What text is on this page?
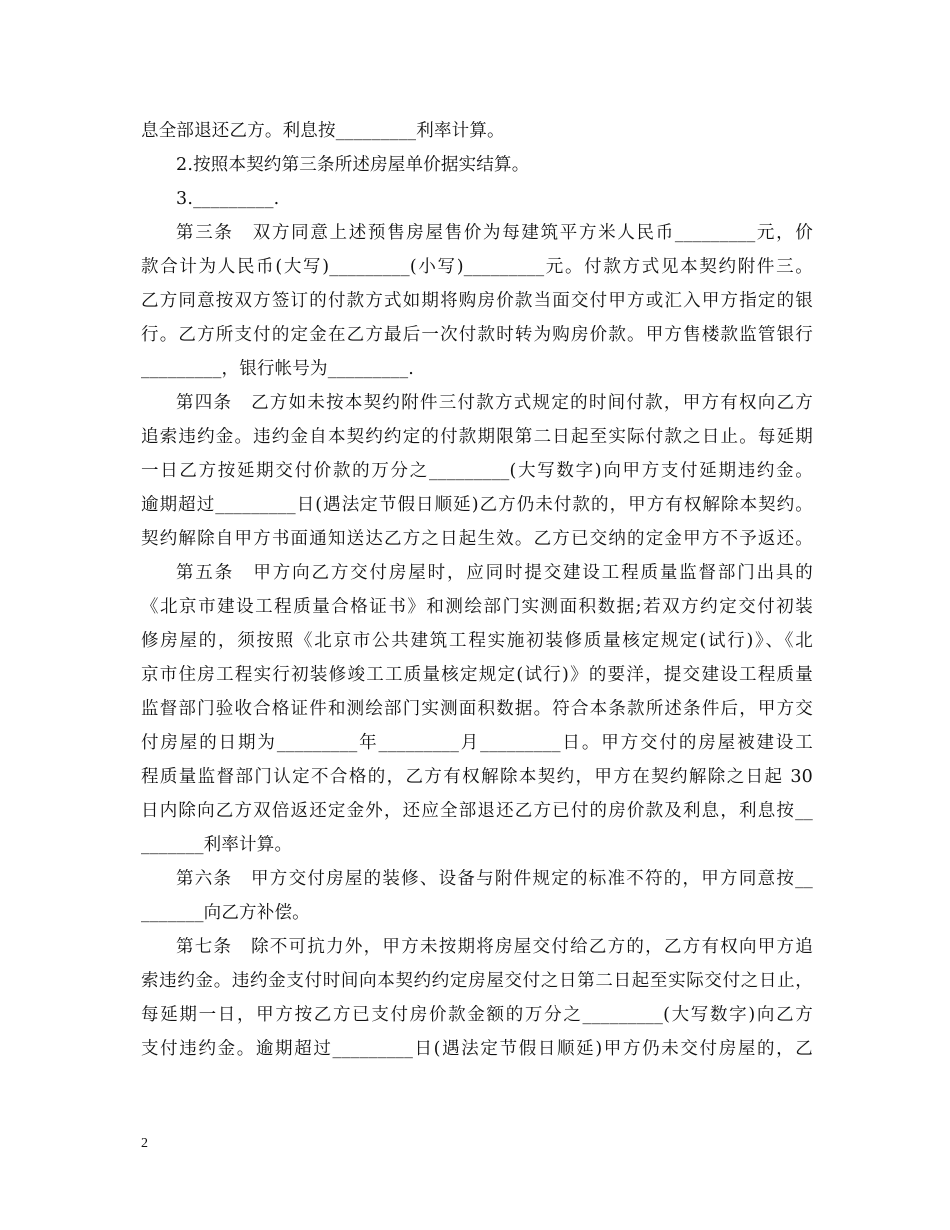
息全部退还乙方。利息按_________利率计算。
2.按照本契约第三条所述房屋单价据实结算。
3._________.
第三条　双方同意上述预售房屋售价为每建筑平方米人民币_________元，价
款合计为人民币(大写)_________(小写)_________元。付款方式见本契约附件三。
乙方同意按双方签订的付款方式如期将购房价款当面交付甲方或汇入甲方指定的银
行。乙方所支付的定金在乙方最后一次付款时转为购房价款。甲方售楼款监管银行
_________，银行帐号为_________.
第四条　乙方如未按本契约附件三付款方式规定的时间付款，甲方有权向乙方
追索违约金。违约金自本契约约定的付款期限第二日起至实际付款之日止。每延期
一日乙方按延期交付价款的万分之_________(大写数字)向甲方支付延期违约金。
逾期超过_________日(遇法定节假日顺延)乙方仍未付款的，甲方有权解除本契约。
契约解除自甲方书面通知送达乙方之日起生效。乙方已交纳的定金甲方不予返还。
第五条　甲方向乙方交付房屋时，应同时提交建设工程质量监督部门出具的
《北京市建设工程质量合格证书》和测绘部门实测面积数据;若双方约定交付初装
修房屋的，须按照《北京市公共建筑工程实施初装修质量核定规定(试行)》、《北
京市住房工程实行初装修竣工工质量核定规定(试行)》的要洋，提交建设工程质量
监督部门验收合格证件和测绘部门实测面积数据。符合本条款所述条件后，甲方交
付房屋的日期为_________年_________月_________日。甲方交付的房屋被建设工
程质量监督部门认定不合格的，乙方有权解除本契约，甲方在契约解除之日起 30
日内除向乙方双倍返还定金外，还应全部退还乙方已付的房价款及利息，利息按__
_______利率计算。
第六条　甲方交付房屋的装修、设备与附件规定的标准不符的，甲方同意按__
_______向乙方补偿。
第七条　除不可抗力外，甲方未按期将房屋交付给乙方的，乙方有权向甲方追
索违约金。违约金支付时间向本契约约定房屋交付之日第二日起至实际交付之日止，
每延期一日，甲方按乙方已支付房价款金额的万分之_________(大写数字)向乙方
支付违约金。逾期超过_________日(遇法定节假日顺延)甲方仍未交付房屋的，乙
2
